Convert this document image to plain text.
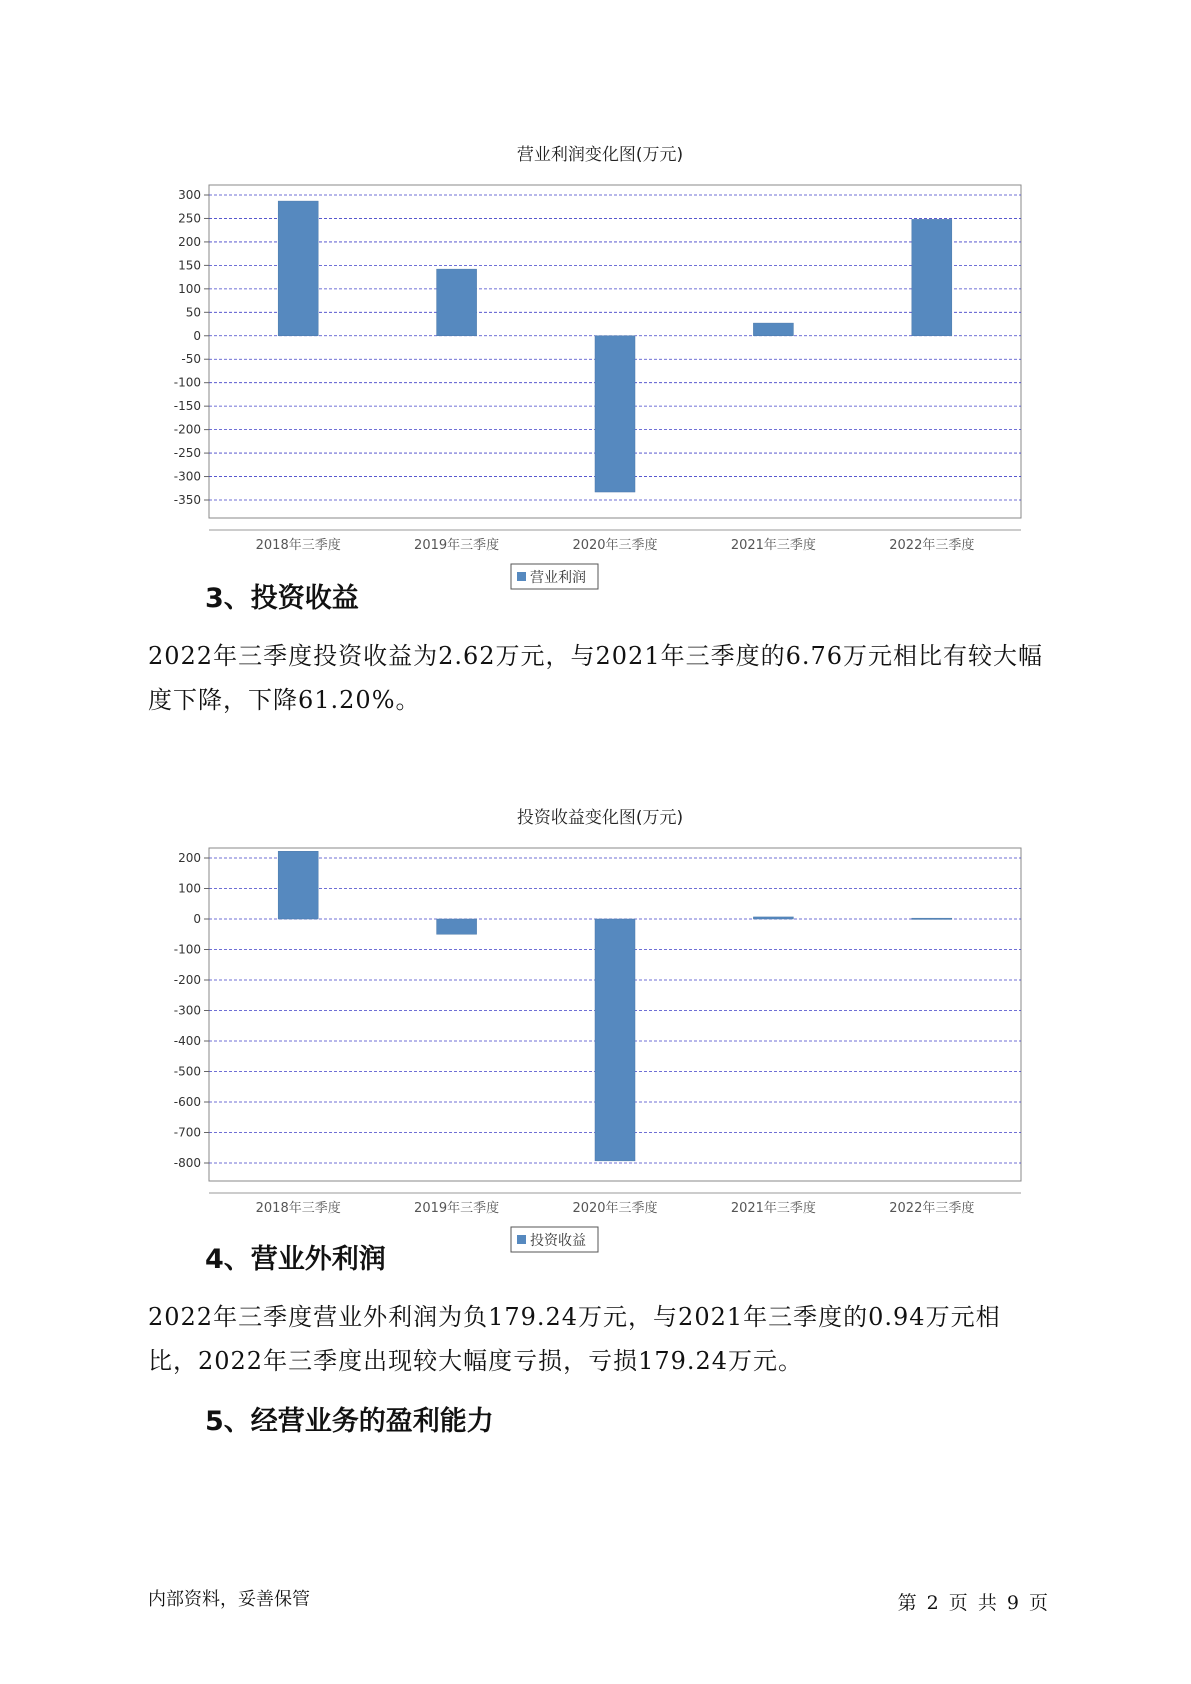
营业利润变化图(万元)
300
250
200
150
100
50
0
-50
-100
-150
-200
-250
-300
-350
2018年三季度	2019年三季度	2020年三季度	2021年三季度	2022年三季度
营业利润
3、投资收益

2022年三季度投资收益为2.62万元，与2021年三季度的6.76万元相比有较大幅度下降，下降61.20%。

投资收益变化图(万元)
200
100
0
-100
-200
-300
-400
-500
-600
-700
-800
2018年三季度	2019年三季度	2020年三季度	2021年三季度	2022年三季度
投资收益
4、营业外利润

2022年三季度营业外利润为负179.24万元，与2021年三季度的0.94万元相比，2022年三季度出现较大幅度亏损，亏损179.24万元。

5、经营业务的盈利能力
内部资料，妥善保管	第 2 页 共 9 页
